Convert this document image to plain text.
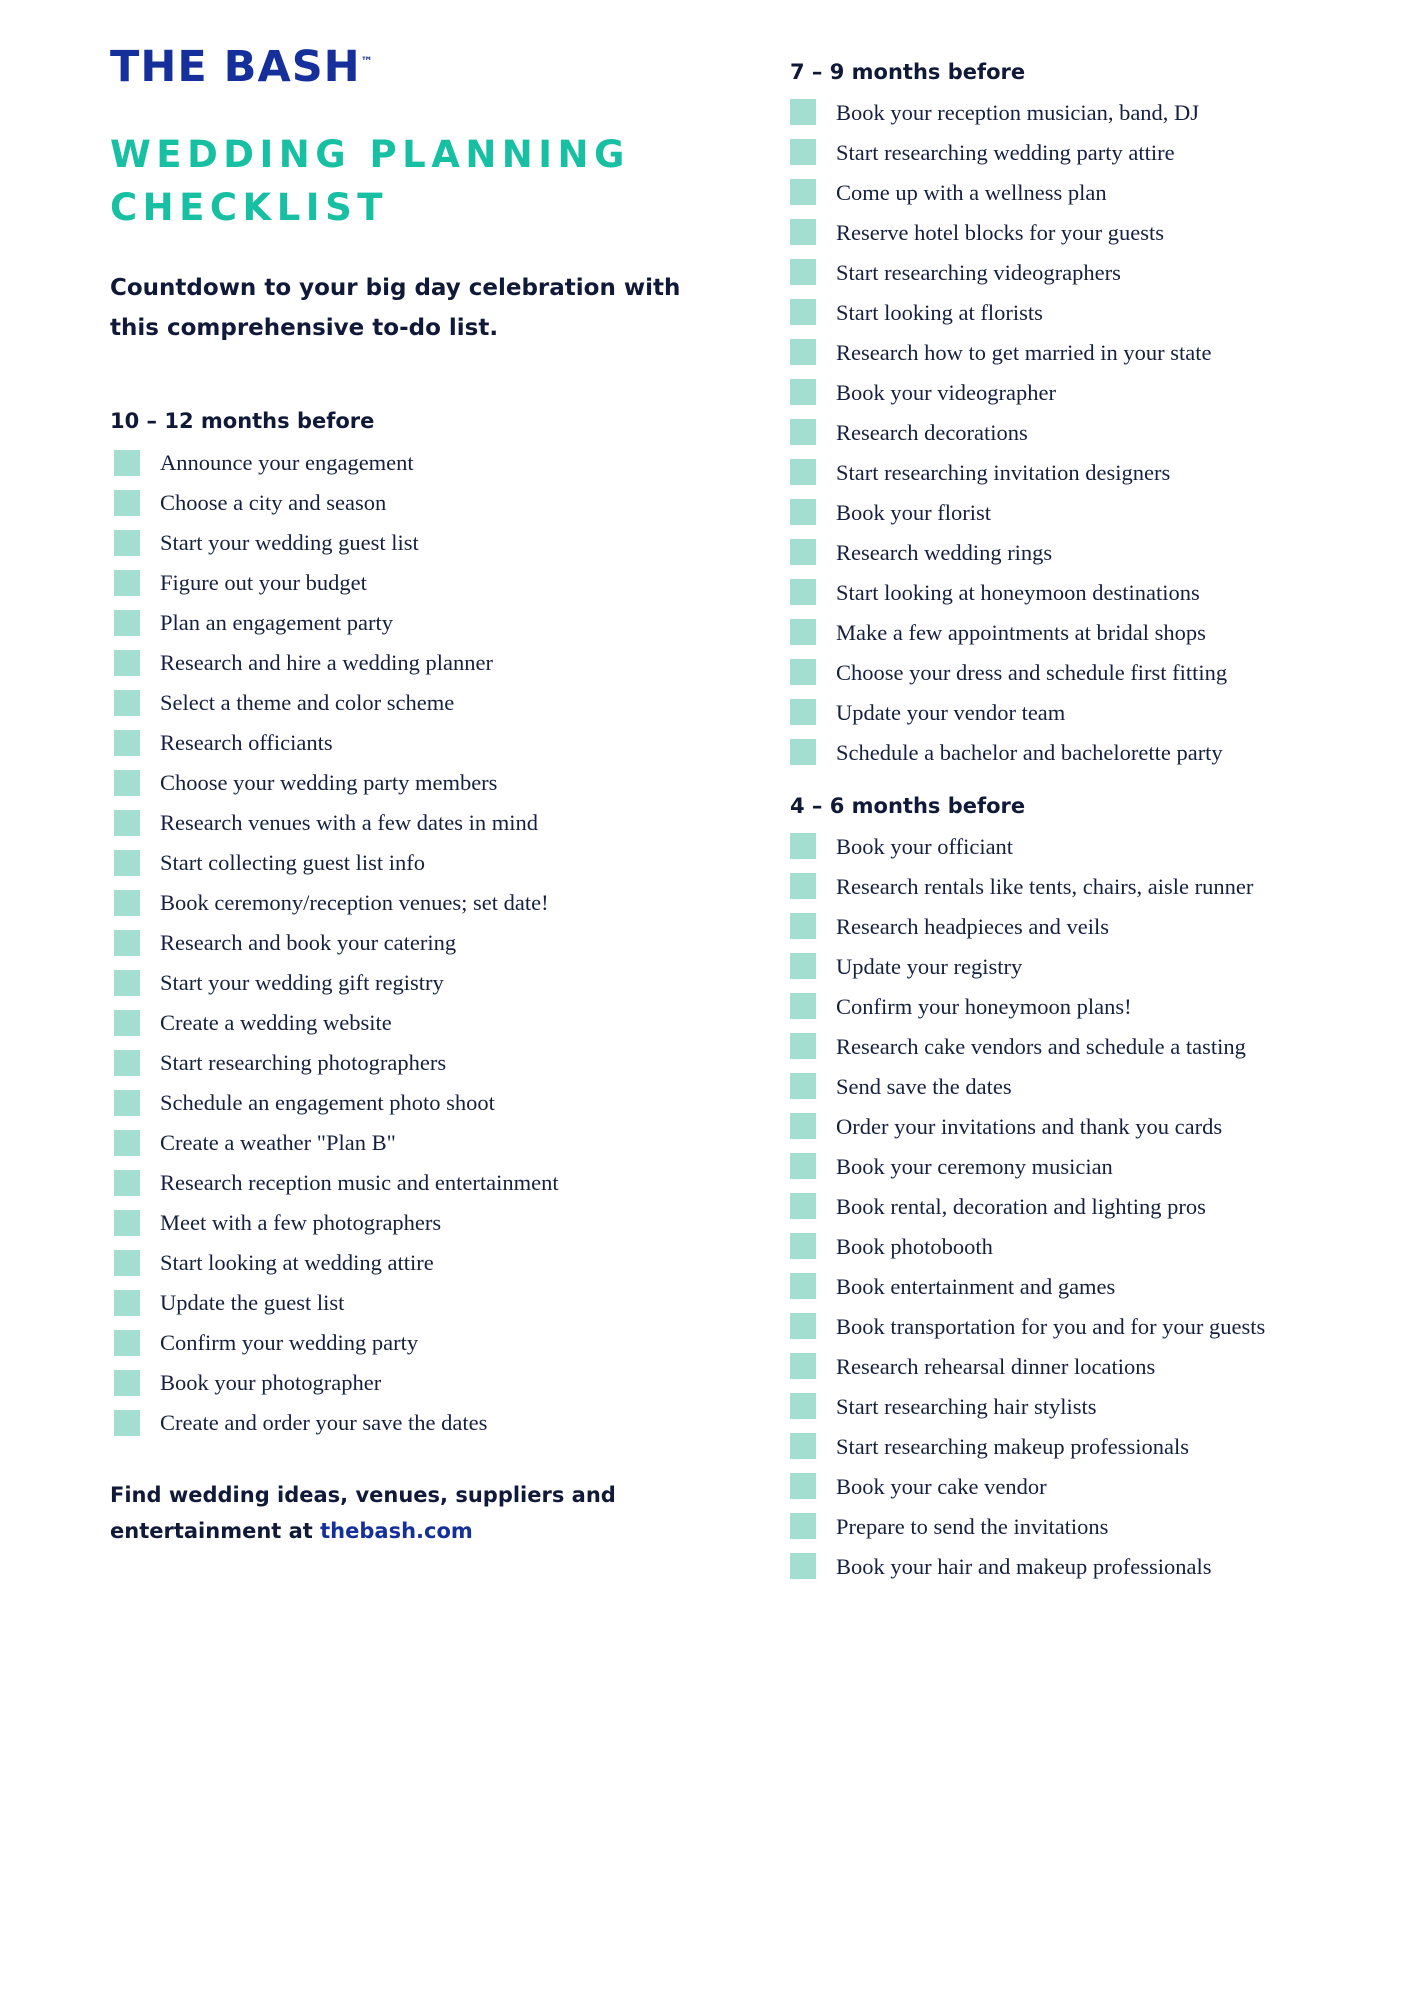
THE BASH™
WEDDING PLANNING CHECKLIST

Countdown to your big day celebration with this comprehensive to-do list.

10 – 12 months before
Announce your engagement
Choose a city and season
Start your wedding guest list
Figure out your budget
Plan an engagement party
Research and hire a wedding planner
Select a theme and color scheme
Research officiants
Choose your wedding party members
Research venues with a few dates in mind
Start collecting guest list info
Book ceremony/reception venues; set date!
Research and book your catering
Start your wedding gift registry
Create a wedding website
Start researching photographers
Schedule an engagement photo shoot
Create a weather "Plan B"
Research reception music and entertainment
Meet with a few photographers
Start looking at wedding attire
Update the guest list
Confirm your wedding party
Book your photographer
Create and order your save the dates
Find wedding ideas, venues, suppliers and entertainment at thebash.com
7 – 9 months before
Book your reception musician, band, DJ
Start researching wedding party attire
Come up with a wellness plan
Reserve hotel blocks for your guests
Start researching videographers
Start looking at florists
Research how to get married in your state
Book your videographer
Research decorations
Start researching invitation designers
Book your florist
Research wedding rings
Start looking at honeymoon destinations
Make a few appointments at bridal shops
Choose your dress and schedule first fitting
Update your vendor team
Schedule a bachelor and bachelorette party
4 – 6 months before
Book your officiant
Research rentals like tents, chairs, aisle runner
Research headpieces and veils
Update your registry
Confirm your honeymoon plans!
Research cake vendors and schedule a tasting
Send save the dates
Order your invitations and thank you cards
Book your ceremony musician
Book rental, decoration and lighting pros
Book photobooth
Book entertainment and games
Book transportation for you and for your guests
Research rehearsal dinner locations
Start researching hair stylists
Start researching makeup professionals
Book your cake vendor
Prepare to send the invitations
Book your hair and makeup professionals
